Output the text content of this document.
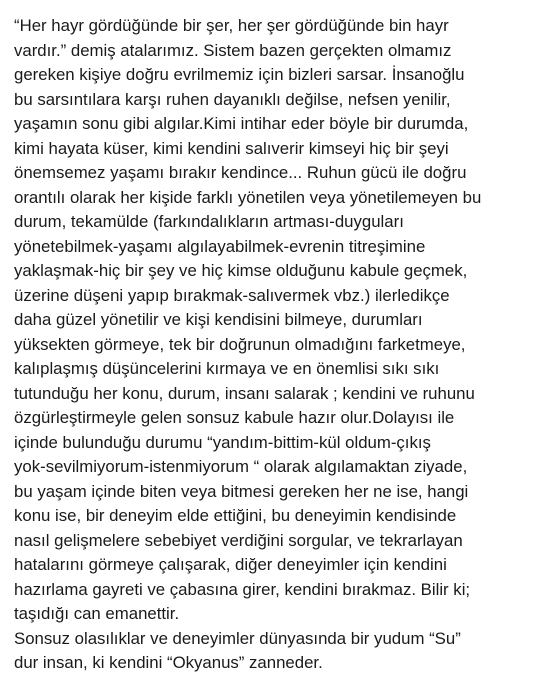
“Her hayr gördüğünde bir şer, her şer gördüğünde bin hayr
vardır.” demiş atalarımız. Sistem bazen gerçekten olmamız
gereken kişiye doğru evrilmemiz için bizleri sarsar. İnsanoğlu
bu sarsıntılara karşı ruhen dayanıklı değilse, nefsen yenilir,
yaşamın sonu gibi algılar.Kimi intihar eder böyle bir durumda,
kimi hayata küser, kimi kendini salıverir kimseyi hiç bir şeyi
önemsemez yaşamı bırakır kendince... Ruhun gücü ile doğru
orantılı olarak her kişide farklı yönetilen veya yönetilemeyen bu
durum, tekamülde (farkındalıkların artması-duyguları
yönetebilmek-yaşamı algılayabilmek-evrenin titreşimine
yaklaşmak-hiç bir şey ve hiç kimse olduğunu kabule geçmek,
üzerine düşeni yapıp bırakmak-salıvermek vbz.) ilerledikçe
daha güzel yönetilir ve kişi kendisini bilmeye, durumları
yüksekten görmeye, tek bir doğrunun olmadığını farketmeye,
kalıplaşmış düşüncelerini kırmaya ve en önemlisi sıkı sıkı
tutunduğu her konu, durum, insanı salarak ; kendini ve ruhunu
özgürleştirmeyle gelen sonsuz kabule hazır olur.Dolayısı ile
içinde bulunduğu durumu “yandım-bittim-kül oldum-çıkış
yok-sevilmiyorum-istenmiyorum “ olarak algılamaktan ziyade,
bu yaşam içinde biten veya bitmesi gereken her ne ise, hangi
konu ise, bir deneyim elde ettiğini, bu deneyimin kendisinde
nasıl gelişmelere sebebiyet verdiğini sorgular, ve tekrarlayan
hatalarını görmeye çalışarak, diğer deneyimler için kendini
hazırlama gayreti ve çabasına girer, kendini bırakmaz. Bilir ki;
taşıdığı can emanettir.
Sonsuz olasılıklar ve deneyimler dünyasında bir yudum “Su”
dur insan, ki kendini “Okyanus” zanneder.
